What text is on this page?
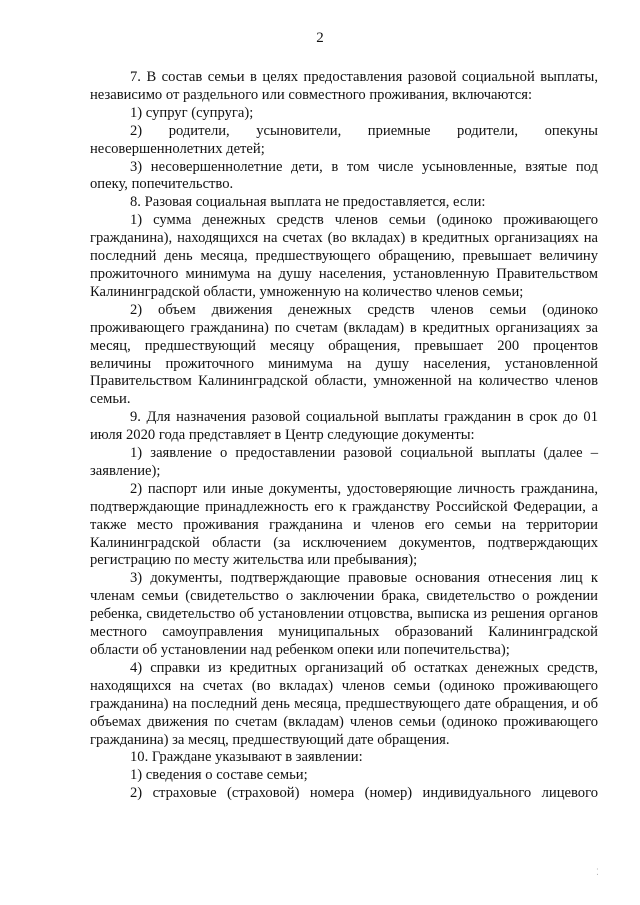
2

7. В состав семьи в целях предоставления разовой социальной выплаты, независимо от раздельного или совместного проживания, включаются:

1) супруг (супруга);

2) родители, усыновители, приемные родители, опекуны несовершеннолетних детей;

3) несовершеннолетние дети, в том числе усыновленные, взятые под опеку, попечительство.

8. Разовая социальная выплата не предоставляется, если:

1) сумма денежных средств членов семьи (одиноко проживающего гражданина), находящихся на счетах (во вкладах) в кредитных организациях на последний день месяца, предшествующего обращению, превышает величину прожиточного минимума на душу населения, установленную Правительством Калининградской области, умноженную на количество членов семьи;

2) объем движения денежных средств членов семьи (одиноко проживающего гражданина) по счетам (вкладам) в кредитных организациях за месяц, предшествующий месяцу обращения, превышает 200 процентов величины прожиточного минимума на душу населения, установленной Правительством Калининградской области, умноженной на количество членов семьи.

9. Для назначения разовой социальной выплаты гражданин в срок до 01 июля 2020 года представляет в Центр следующие документы:

1) заявление о предоставлении разовой социальной выплаты (далее – заявление);

2) паспорт или иные документы, удостоверяющие личность гражданина, подтверждающие принадлежность его к гражданству Российской Федерации, а также место проживания гражданина и членов его семьи на территории Калининградской области (за исключением документов, подтверждающих регистрацию по месту жительства или пребывания);

3) документы, подтверждающие правовые основания отнесения лиц к членам семьи (свидетельство о заключении брака, свидетельство о рождении ребенка, свидетельство об установлении отцовства, выписка из решения органов местного самоуправления муниципальных образований Калининградской области об установлении над ребенком опеки или попечительства);

4) справки из кредитных организаций об остатках денежных средств, находящихся на счетах (во вкладах) членов семьи (одиноко проживающего гражданина) на последний день месяца, предшествующего дате обращения, и об объемах движения по счетам (вкладам) членов семьи (одиноко проживающего гражданина) за месяц, предшествующий дате обращения.

10. Граждане указывают в заявлении:

1) сведения о составе семьи;

2) страховые (страховой) номера (номер) индивидуального лицевого

⁚
